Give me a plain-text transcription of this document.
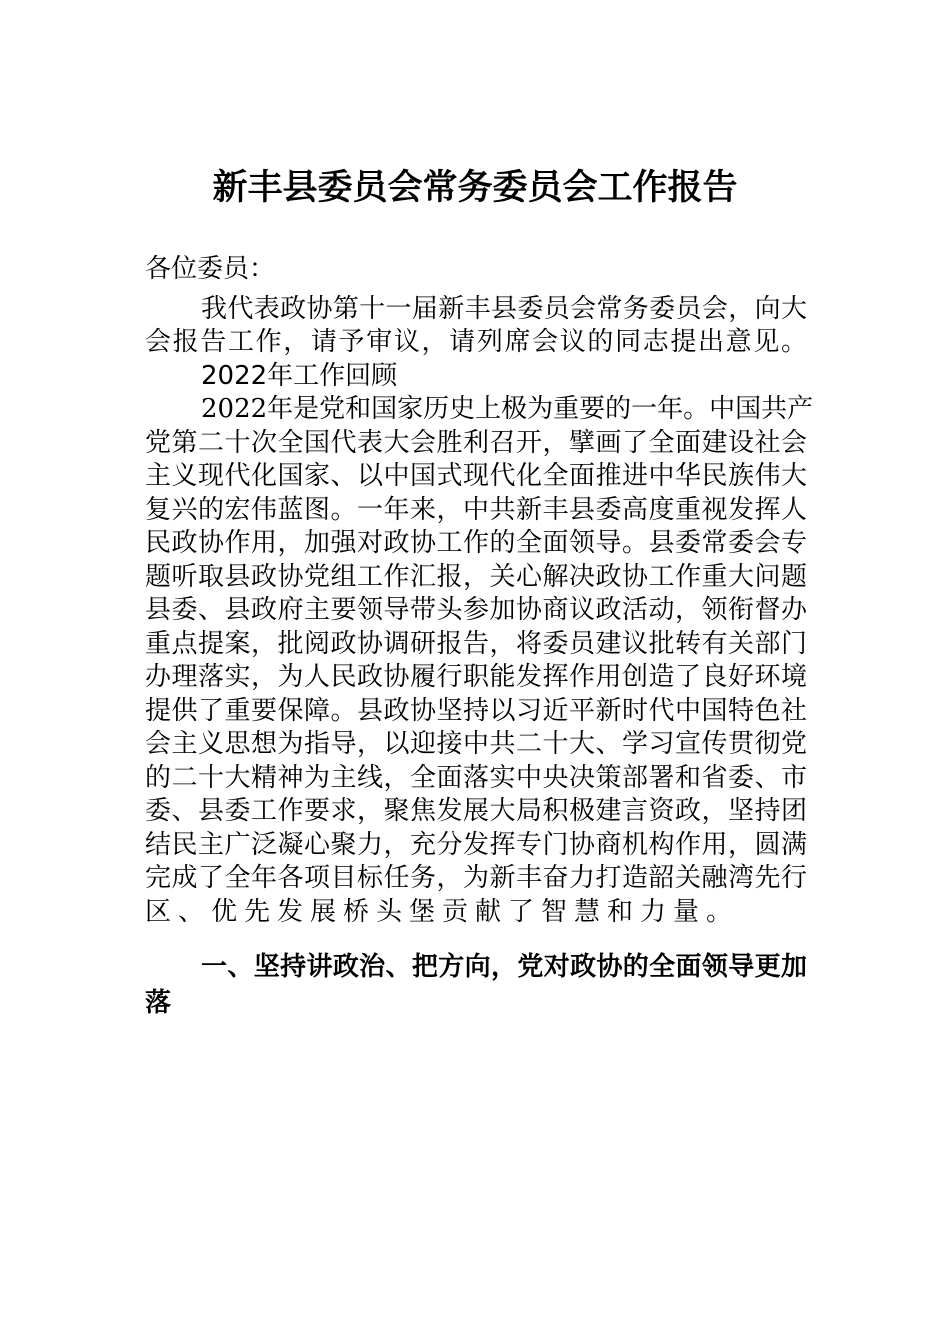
新丰县委员会常务委员会工作报告
各位委员：
我代表政协第十一届新丰县委员会常务委员会，向大
会报告工作，请予审议，请列席会议的同志提出意见。
2022年工作回顾
2022年是党和国家历史上极为重要的一年。中国共产
党第二十次全国代表大会胜利召开，擘画了全面建设社会
主义现代化国家、以中国式现代化全面推进中华民族伟大
复兴的宏伟蓝图。一年来，中共新丰县委高度重视发挥人
民政协作用，加强对政协工作的全面领导。县委常委会专
题听取县政协党组工作汇报，关心解决政协工作重大问题
县委、县政府主要领导带头参加协商议政活动，领衔督办
重点提案，批阅政协调研报告，将委员建议批转有关部门
办理落实，为人民政协履行职能发挥作用创造了良好环境
提供了重要保障。县政协坚持以习近平新时代中国特色社
会主义思想为指导，以迎接中共二十大、学习宣传贯彻党
的二十大精神为主线，全面落实中央决策部署和省委、市
委、县委工作要求，聚焦发展大局积极建言资政，坚持团
结民主广泛凝心聚力，充分发挥专门协商机构作用，圆满
完成了全年各项目标任务，为新丰奋力打造韶关融湾先行
区、优先发展桥头堡贡献了智慧和力量。
一、坚持讲政治、把方向，党对政协的全面领导更加
落
